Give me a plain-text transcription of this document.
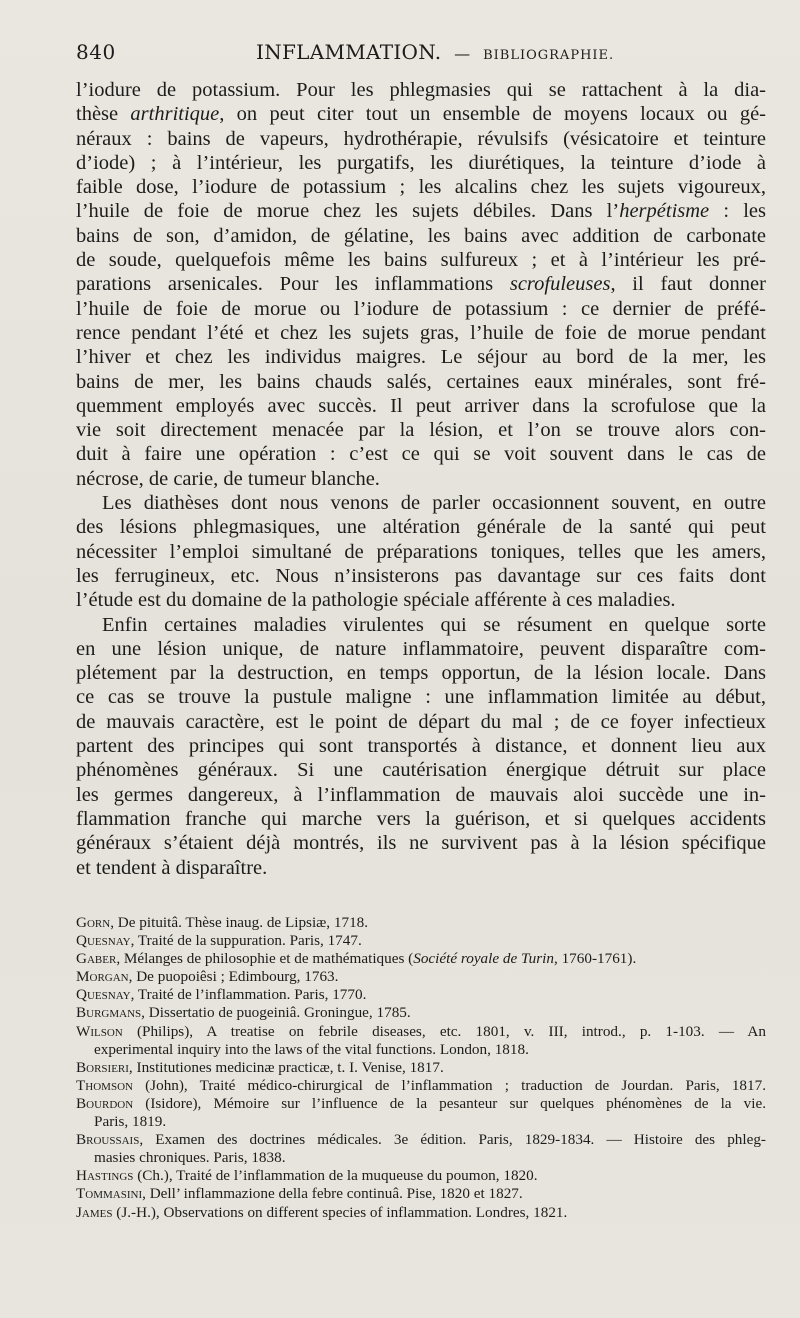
840	INFLAMMATION. — BIBLIOGRAPHIE.
l’iodure de potassium. Pour les phlegmasies qui se rattachent à la dia-
thèse arthritique, on peut citer tout un ensemble de moyens locaux ou gé-
néraux : bains de vapeurs, hydrothérapie, révulsifs (vésicatoire et teinture
d’iode) ; à l’intérieur, les purgatifs, les diurétiques, la teinture d’iode à
faible dose, l’iodure de potassium ; les alcalins chez les sujets vigoureux,
l’huile de foie de morue chez les sujets débiles. Dans l’herpétisme : les
bains de son, d’amidon, de gélatine, les bains avec addition de carbonate
de soude, quelquefois même les bains sulfureux ; et à l’intérieur les pré-
parations arsenicales. Pour les inflammations scrofuleuses, il faut donner
l’huile de foie de morue ou l’iodure de potassium : ce dernier de préfé-
rence pendant l’été et chez les sujets gras, l’huile de foie de morue pendant
l’hiver et chez les individus maigres. Le séjour au bord de la mer, les
bains de mer, les bains chauds salés, certaines eaux minérales, sont fré-
quemment employés avec succès. Il peut arriver dans la scrofulose que la
vie soit directement menacée par la lésion, et l’on se trouve alors con-
duit à faire une opération : c’est ce qui se voit souvent dans le cas de
nécrose, de carie, de tumeur blanche.
Les diathèses dont nous venons de parler occasionnent souvent, en outre
des lésions phlegmasiques, une altération générale de la santé qui peut
nécessiter l’emploi simultané de préparations toniques, telles que les amers,
les ferrugineux, etc. Nous n’insisterons pas davantage sur ces faits dont
l’étude est du domaine de la pathologie spéciale afférente à ces maladies.
Enfin certaines maladies virulentes qui se résument en quelque sorte
en une lésion unique, de nature inflammatoire, peuvent disparaître com-
plétement par la destruction, en temps opportun, de la lésion locale. Dans
ce cas se trouve la pustule maligne : une inflammation limitée au début,
de mauvais caractère, est le point de départ du mal ; de ce foyer infectieux
partent des principes qui sont transportés à distance, et donnent lieu aux
phénomènes généraux. Si une cautérisation énergique détruit sur place
les germes dangereux, à l’inflammation de mauvais aloi succède une in-
flammation franche qui marche vers la guérison, et si quelques accidents
généraux s’étaient déjà montrés, ils ne survivent pas à la lésion spécifique
et tendent à disparaître.
Gorn, De pituitâ. Thèse inaug. de Lipsiæ, 1718.
Quesnay, Traité de la suppuration. Paris, 1747.
Gaber, Mélanges de philosophie et de mathématiques (Société royale de Turin, 1760-1761).
Morgan, De puopoiêsi ; Edimbourg, 1763.
Quesnay, Traité de l’inflammation. Paris, 1770.
Burgmans, Dissertatio de puogeiniâ. Groningue, 1785.
Wilson (Philips), A treatise on febrile diseases, etc. 1801, v. III, introd., p. 1-103. — An
experimental inquiry into the laws of the vital functions. London, 1818.
Borsieri, Institutiones medicinæ practicæ, t. I. Venise, 1817.
Thomson (John), Traité médico-chirurgical de l’inflammation ; traduction de Jourdan. Paris, 1817.
Bourdon (Isidore), Mémoire sur l’influence de la pesanteur sur quelques phénomènes de la vie.
Paris, 1819.
Broussais, Examen des doctrines médicales. 3e édition. Paris, 1829-1834. — Histoire des phleg-
masies chroniques. Paris, 1838.
Hastings (Ch.), Traité de l’inflammation de la muqueuse du poumon, 1820.
Tommasini, Dell’ inflammazione della febre continuâ. Pise, 1820 et 1827.
James (J.-H.), Observations on different species of inflammation. Londres, 1821.
